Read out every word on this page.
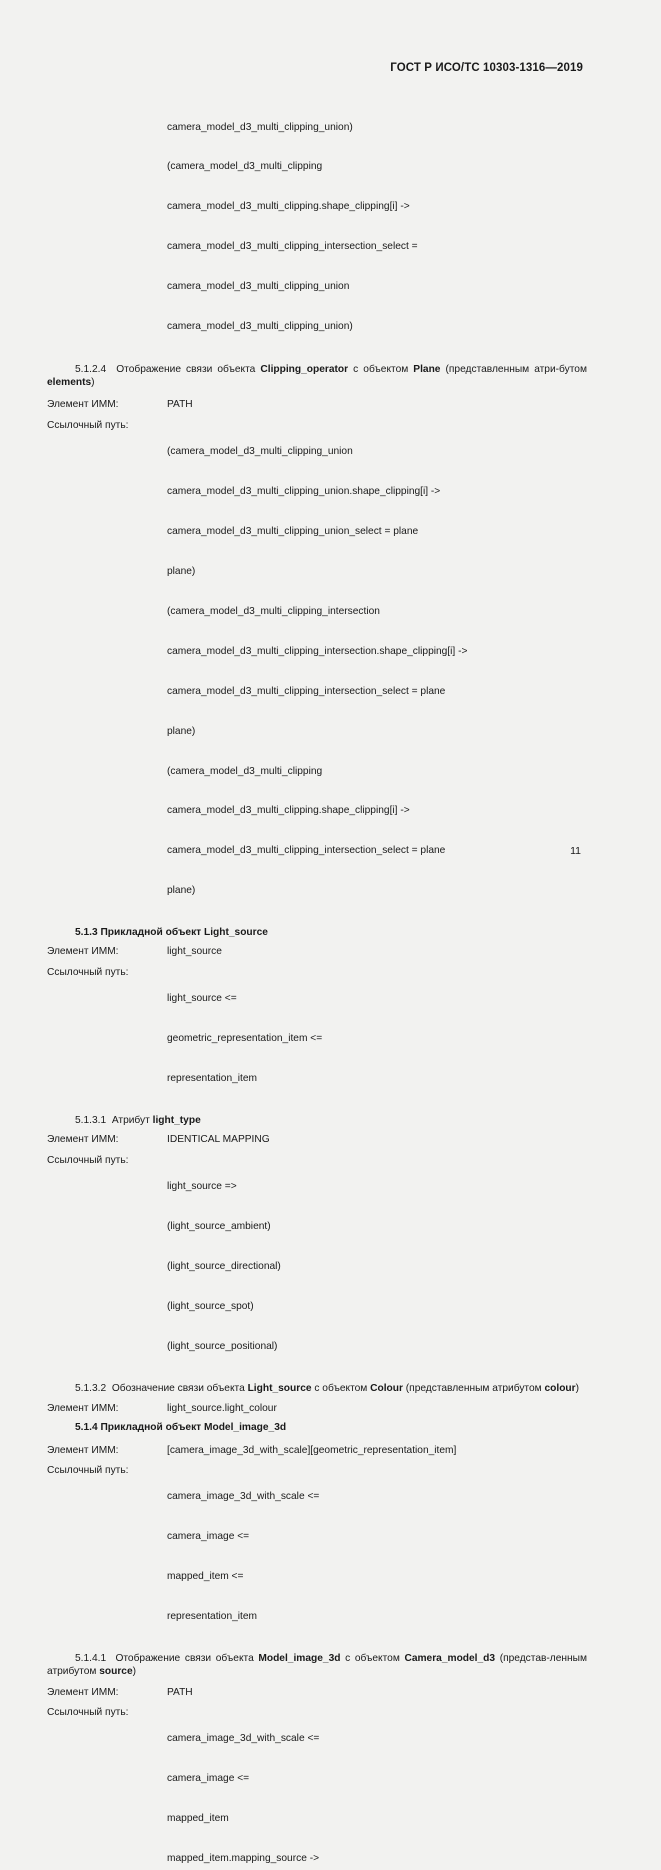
ГОСТ Р ИСО/ТС 10303-1316—2019

camera_model_d3_multi_clipping_union)

(camera_model_d3_multi_clipping

camera_model_d3_multi_clipping.shape_clipping[i] ->

camera_model_d3_multi_clipping_intersection_select =

camera_model_d3_multi_clipping_union

camera_model_d3_multi_clipping_union)

5.1.2.4 Отображение связи объекта Clipping_operator с объектом Plane (представленным атри-бутом elements)
Элемент ИММ:	PATH
Ссылочный путь:

(camera_model_d3_multi_clipping_union

camera_model_d3_multi_clipping_union.shape_clipping[i] ->

camera_model_d3_multi_clipping_union_select = plane

plane)

(camera_model_d3_multi_clipping_intersection

camera_model_d3_multi_clipping_intersection.shape_clipping[i] ->

camera_model_d3_multi_clipping_intersection_select = plane

plane)

(camera_model_d3_multi_clipping

camera_model_d3_multi_clipping.shape_clipping[i] ->

camera_model_d3_multi_clipping_intersection_select = plane

plane)

5.1.3 Прикладной объект Light_source
Элемент ИММ:	light_source
Ссылочный путь:

light_source <=

geometric_representation_item <=

representation_item

5.1.3.1 Атрибут light_type
Элемент ИММ:	IDENTICAL MAPPING
Ссылочный путь:

light_source =>

(light_source_ambient)

(light_source_directional)

(light_source_spot)

(light_source_positional)

5.1.3.2 Обозначение связи объекта Light_source с объектом Colour (представленным атрибутом colour)
Элемент ИММ:	light_source.light_colour
5.1.4 Прикладной объект Model_image_3d
Элемент ИММ:	[camera_image_3d_with_scale][geometric_representation_item]
Ссылочный путь:

camera_image_3d_with_scale <=

camera_image <=

mapped_item <=

representation_item

5.1.4.1 Отображение связи объекта Model_image_3d с объектом Camera_model_d3 (представ-ленным атрибутом source)
Элемент ИММ:	PATH
Ссылочный путь:

camera_image_3d_with_scale <=

camera_image <=

mapped_item

mapped_item.mapping_source ->

11
